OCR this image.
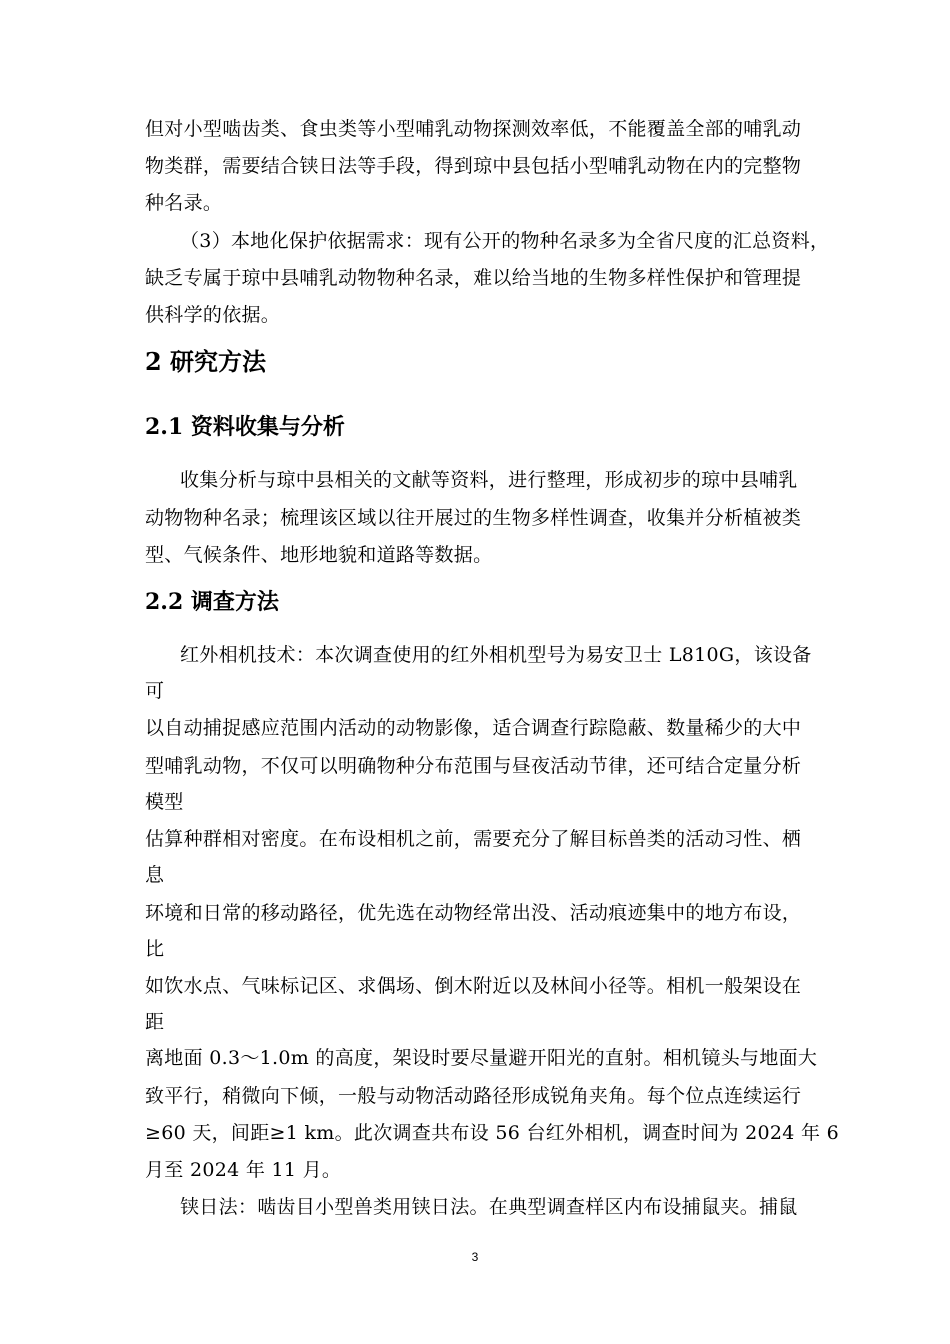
但对小型啮齿类、食虫类等小型哺乳动物探测效率低，不能覆盖全部的哺乳动
物类群，需要结合铗日法等手段，得到琼中县包括小型哺乳动物在内的完整物
种名录。
（3）本地化保护依据需求：现有公开的物种名录多为全省尺度的汇总资料，
缺乏专属于琼中县哺乳动物物种名录，难以给当地的生物多样性保护和管理提
供科学的依据。
2 研究方法
2.1 资料收集与分析
收集分析与琼中县相关的文献等资料，进行整理，形成初步的琼中县哺乳
动物物种名录；梳理该区域以往开展过的生物多样性调查，收集并分析植被类
型、气候条件、地形地貌和道路等数据。
2.2 调查方法
红外相机技术：本次调查使用的红外相机型号为易安卫士 L810G，该设备
可
以自动捕捉感应范围内活动的动物影像，适合调查行踪隐蔽、数量稀少的大中
型哺乳动物，不仅可以明确物种分布范围与昼夜活动节律，还可结合定量分析
模型
估算种群相对密度。在布设相机之前，需要充分了解目标兽类的活动习性、栖
息
环境和日常的移动路径，优先选在动物经常出没、活动痕迹集中的地方布设，
比
如饮水点、气味标记区、求偶场、倒木附近以及林间小径等。相机一般架设在
距
离地面 0.3～1.0m 的高度，架设时要尽量避开阳光的直射。相机镜头与地面大
致平行，稍微向下倾，一般与动物活动路径形成锐角夹角。每个位点连续运行
≥60 天，间距≥1 km。此次调查共布设 56 台红外相机，调查时间为 2024 年 6
月至 2024 年 11 月。
铗日法：啮齿目小型兽类用铗日法。在典型调查样区内布设捕鼠夹。捕鼠
3
